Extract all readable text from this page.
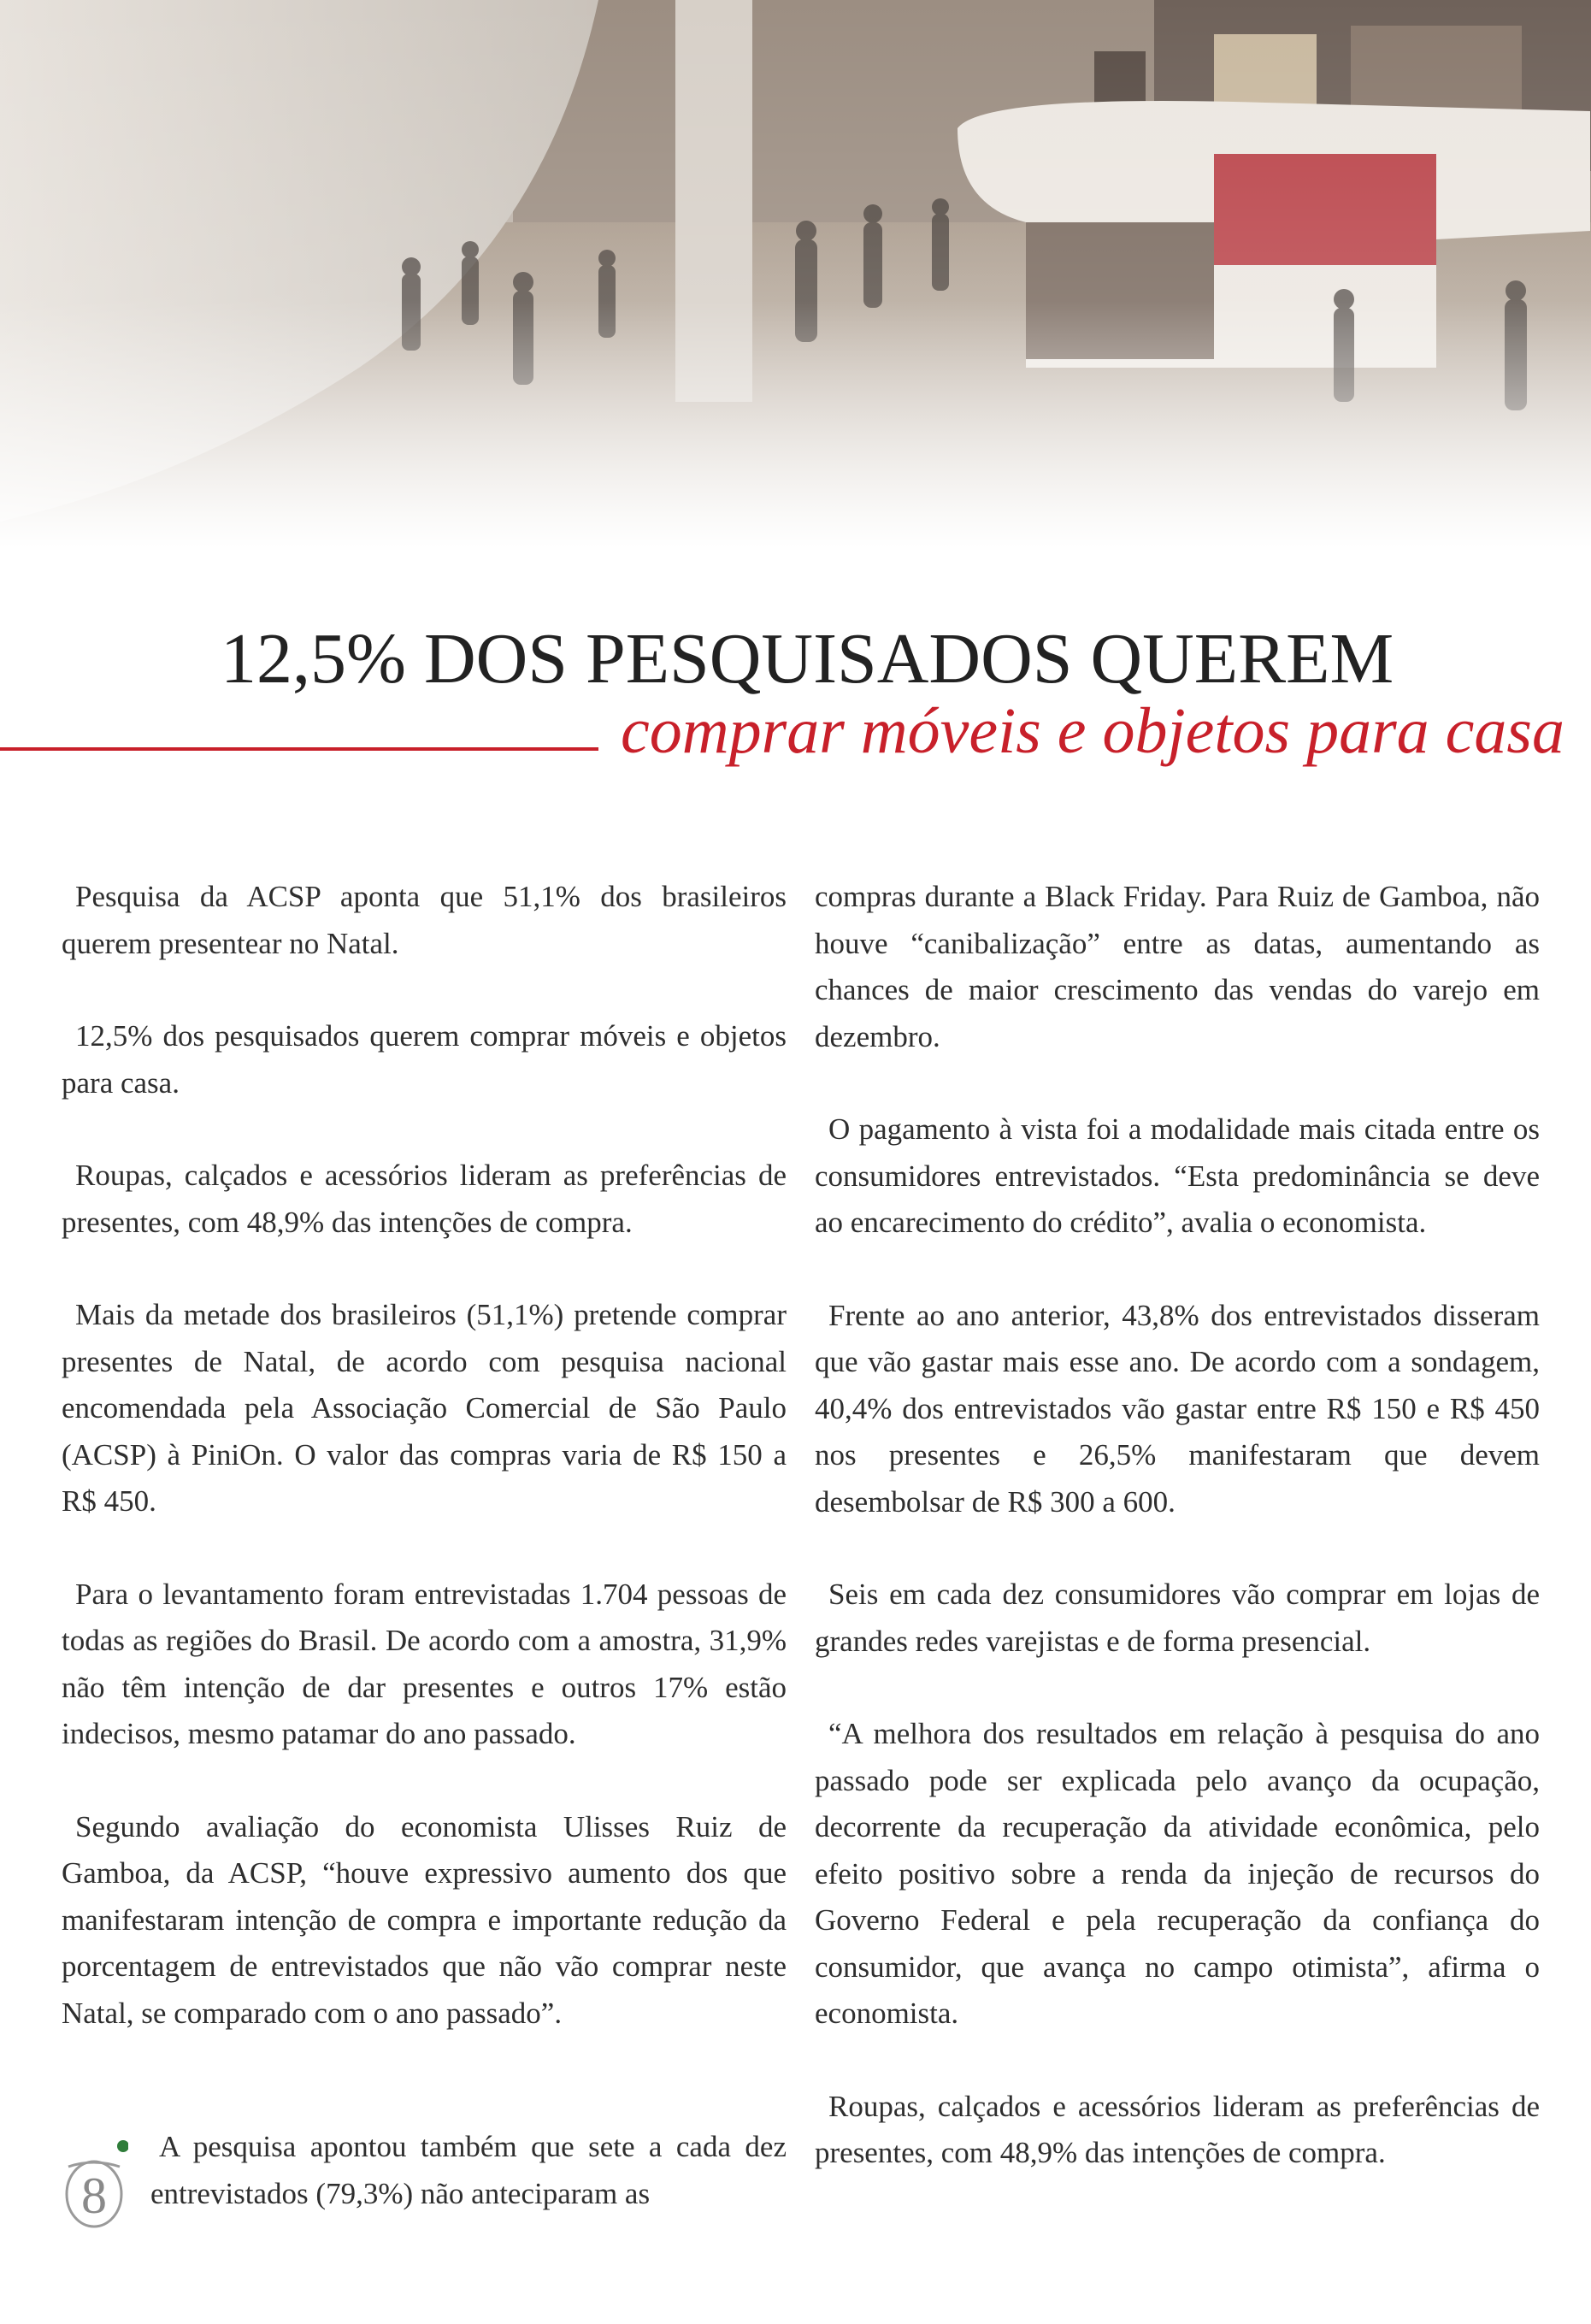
12,5% DOS PESQUISADOS QUEREM
comprar móveis e objetos para casa

Pesquisa da ACSP aponta que 51,1% dos brasileiros querem presentear no Natal.

12,5% dos pesquisados querem comprar móveis e objetos para casa.

Roupas, calçados e acessórios lideram as preferências de presentes, com 48,9% das intenções de compra.

Mais da metade dos brasileiros (51,1%) pretende comprar presentes de Natal, de acordo com pesquisa nacional encomendada pela Associação Comercial de São Paulo (ACSP) à PiniOn. O valor das compras varia de R$ 150 a R$ 450.

Para o levantamento foram entrevistadas 1.704 pessoas de todas as regiões do Brasil. De acordo com a amostra, 31,9% não têm intenção de dar presentes e outros 17% estão indecisos, mesmo patamar do ano passado.

Segundo avaliação do economista Ulisses Ruiz de Gamboa, da ACSP, “houve expressivo aumento dos que manifestaram intenção de compra e importante redução da porcentagem de entrevistados que não vão comprar neste Natal, se comparado com o ano passado”.

A pesquisa apontou também que sete a cada dez entrevistados (79,3%) não anteciparam as

compras durante a Black Friday. Para Ruiz de Gamboa, não houve “canibalização” entre as datas, aumentando as chances de maior crescimento das vendas do varejo em dezembro.

O pagamento à vista foi a modalidade mais citada entre os consumidores entrevistados. “Esta predominância se deve ao encarecimento do crédito”, avalia o economista.

Frente ao ano anterior, 43,8% dos entrevistados disseram que vão gastar mais esse ano. De acordo com a sondagem, 40,4% dos entrevistados vão gastar entre R$ 150 e R$ 450 nos presentes e 26,5% manifestaram que devem desembolsar de R$ 300 a 600.

Seis em cada dez consumidores vão comprar em lojas de grandes redes varejistas e de forma presencial.

“A melhora dos resultados em relação à pesquisa do ano passado pode ser explicada pelo avanço da ocupação, decorrente da recuperação da atividade econômica, pelo efeito positivo sobre a renda da injeção de recursos do Governo Federal e pela recuperação da confiança do consumidor, que avança no campo otimista”, afirma o economista.

Roupas, calçados e acessórios lideram as preferências de presentes, com 48,9% das intenções de compra.

8
